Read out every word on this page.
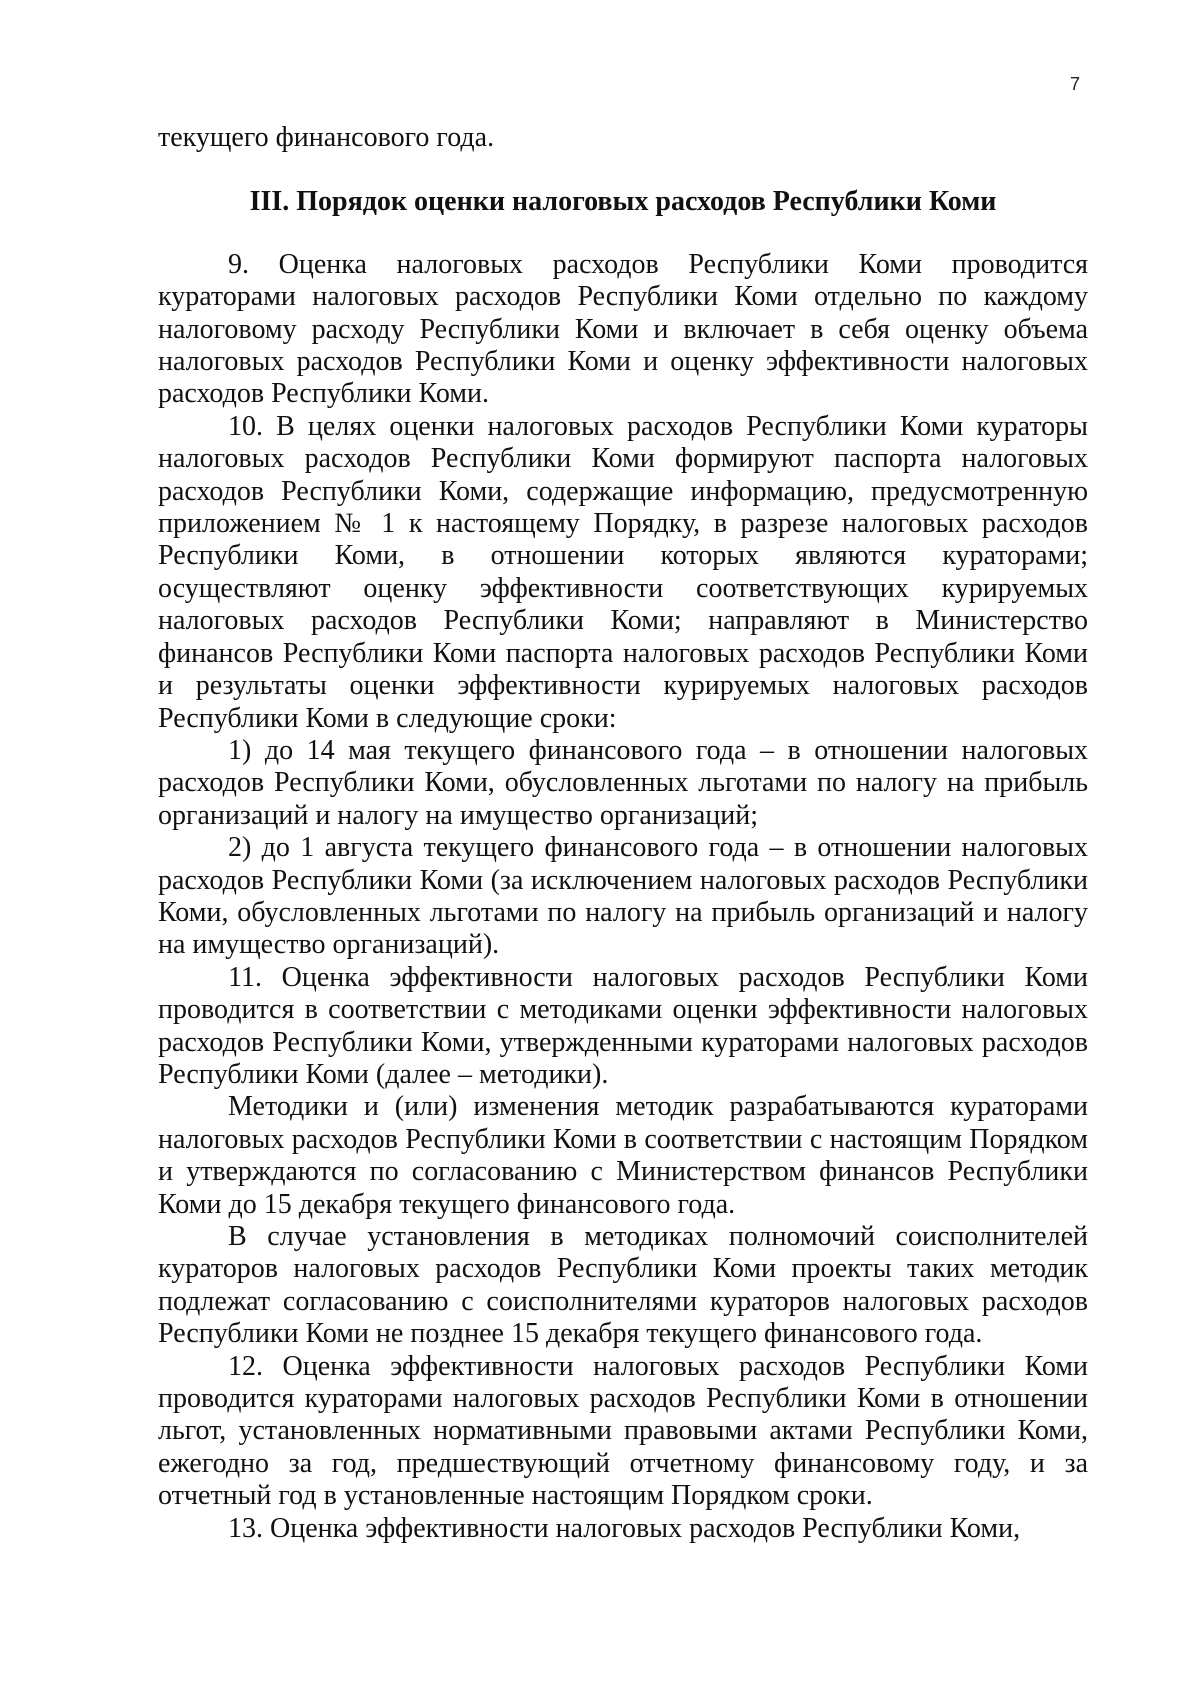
7

текущего финансового года.

III. Порядок оценки налоговых расходов Республики Коми

9. Оценка налоговых расходов Республики Коми проводится кураторами налоговых расходов Республики Коми отдельно по каждому налоговому расходу Республики Коми и включает в себя оценку объема налоговых расходов Республики Коми и оценку эффективности налоговых расходов Республики Коми.

10. В целях оценки налоговых расходов Республики Коми кураторы налоговых расходов Республики Коми формируют паспорта налоговых расходов Республики Коми, содержащие информацию, предусмотренную приложением № 1 к настоящему Порядку, в разрезе налоговых расходов Республики Коми, в отношении которых являются кураторами; осуществляют оценку эффективности соответствующих курируемых налоговых расходов Республики Коми; направляют в Министерство финансов Республики Коми паспорта налоговых расходов Республики Коми и результаты оценки эффективности курируемых налоговых расходов Республики Коми в следующие сроки:

1) до 14 мая текущего финансового года – в отношении налоговых расходов Республики Коми, обусловленных льготами по налогу на прибыль организаций и налогу на имущество организаций;

2) до 1 августа текущего финансового года – в отношении налоговых расходов Республики Коми (за исключением налоговых расходов Республики Коми, обусловленных льготами по налогу на прибыль организаций и налогу на имущество организаций).

11. Оценка эффективности налоговых расходов Республики Коми проводится в соответствии с методиками оценки эффективности налоговых расходов Республики Коми, утвержденными кураторами налоговых расходов Республики Коми (далее – методики).

Методики и (или) изменения методик разрабатываются кураторами налоговых расходов Республики Коми в соответствии с настоящим Порядком и утверждаются по согласованию с Министерством финансов Республики Коми до 15 декабря текущего финансового года.

В случае установления в методиках полномочий соисполнителей кураторов налоговых расходов Республики Коми проекты таких методик подлежат согласованию с соисполнителями кураторов налоговых расходов Республики Коми не позднее 15 декабря текущего финансового года.

12. Оценка эффективности налоговых расходов Республики Коми проводится кураторами налоговых расходов Республики Коми в отношении льгот, установленных нормативными правовыми актами Республики Коми, ежегодно за год, предшествующий отчетному финансовому году, и за отчетный год в установленные настоящим Порядком сроки.

13. Оценка эффективности налоговых расходов Республики Коми,
